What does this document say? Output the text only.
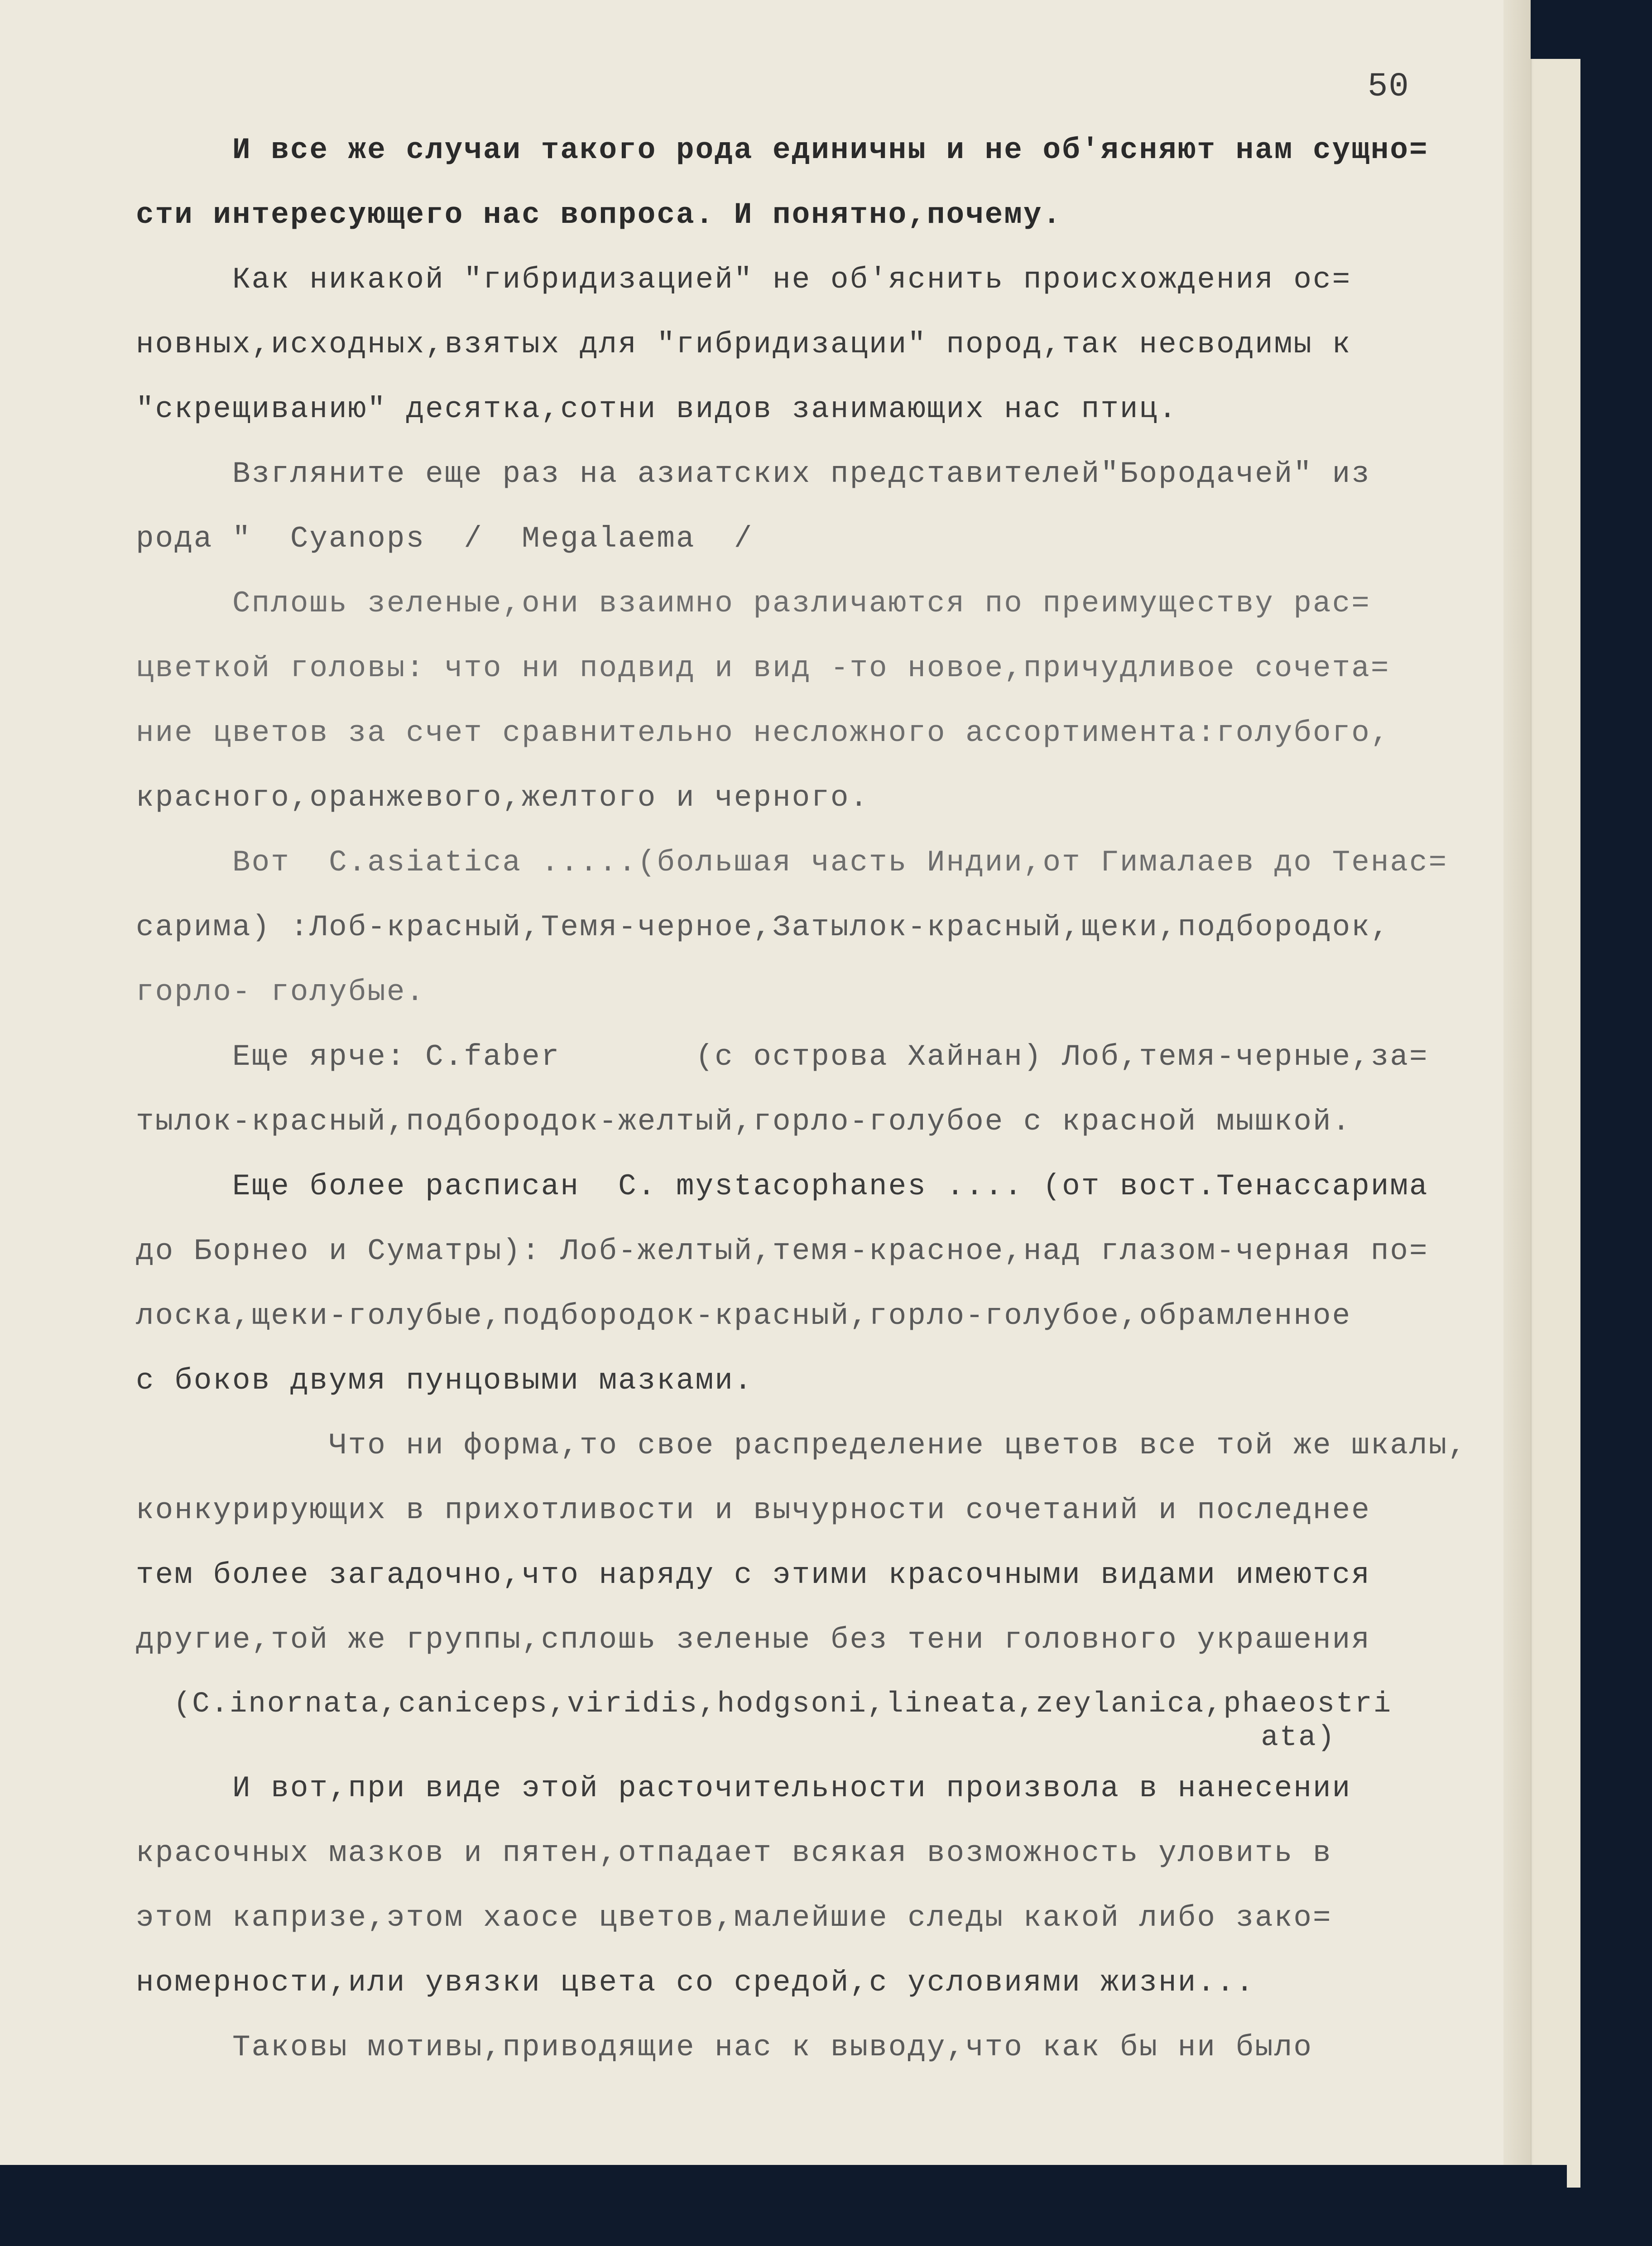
50
И все же случаи такого рода единичны и не об'ясняют нам сущно=
сти интересующего нас вопроса. И понятно,почему.
Как никакой "гибридизацией" не об'яснить происхождения ос=
новных,исходных,взятых для "гибридизации" пород,так несводимы к
"скрещиванию" десятка,сотни видов занимающих нас птиц.
Взгляните еще раз на азиатских представителей"Бородачей" из
рода "  Cyanops  /  Megalaema  /
Сплошь зеленые,они взаимно различаются по преимуществу рас=
цветкой головы: что ни подвид и вид -то новое,причудливое сочета=
ние цветов за счет сравнительно несложного ассортимента:голубого,
красного,оранжевого,желтого и черного.
Вот  C.asiatica .....(большая часть Индии,от Гималаев до Тенас=
сарима) :Лоб-красный,Темя-черное,Затылок-красный,щеки,подбородок,
горло- голубые.
Еще ярче: C.faber       (с острова Хайнан) Лоб,темя-черные,за=
тылок-красный,подбородок-желтый,горло-голубое с красной мышкой.
Еще более расписан  C. mystacophanes .... (от вост.Тенассарима
до Борнео и Суматры): Лоб-желтый,темя-красное,над глазом-черная по=
лоска,щеки-голубые,подбородок-красный,горло-голубое,обрамленное
с боков двумя пунцовыми мазками.
Что ни форма,то свое распределение цветов все той же шкалы,
конкурирующих в прихотливости и вычурности сочетаний и последнее
тем более загадочно,что наряду с этими красочными видами имеются
другие,той же группы,сплошь зеленые без тени головного украшения
(C.inornata,caniceps,viridis,hodgsoni,lineata,zeylanica,phaeostri
ata)
И вот,при виде этой расточительности произвола в нанесении
красочных мазков и пятен,отпадает всякая возможность уловить в
этом капризе,этом хаосе цветов,малейшие следы какой либо зако=
номерности,или увязки цвета со средой,с условиями жизни...
Таковы мотивы,приводящие нас к выводу,что как бы ни было
